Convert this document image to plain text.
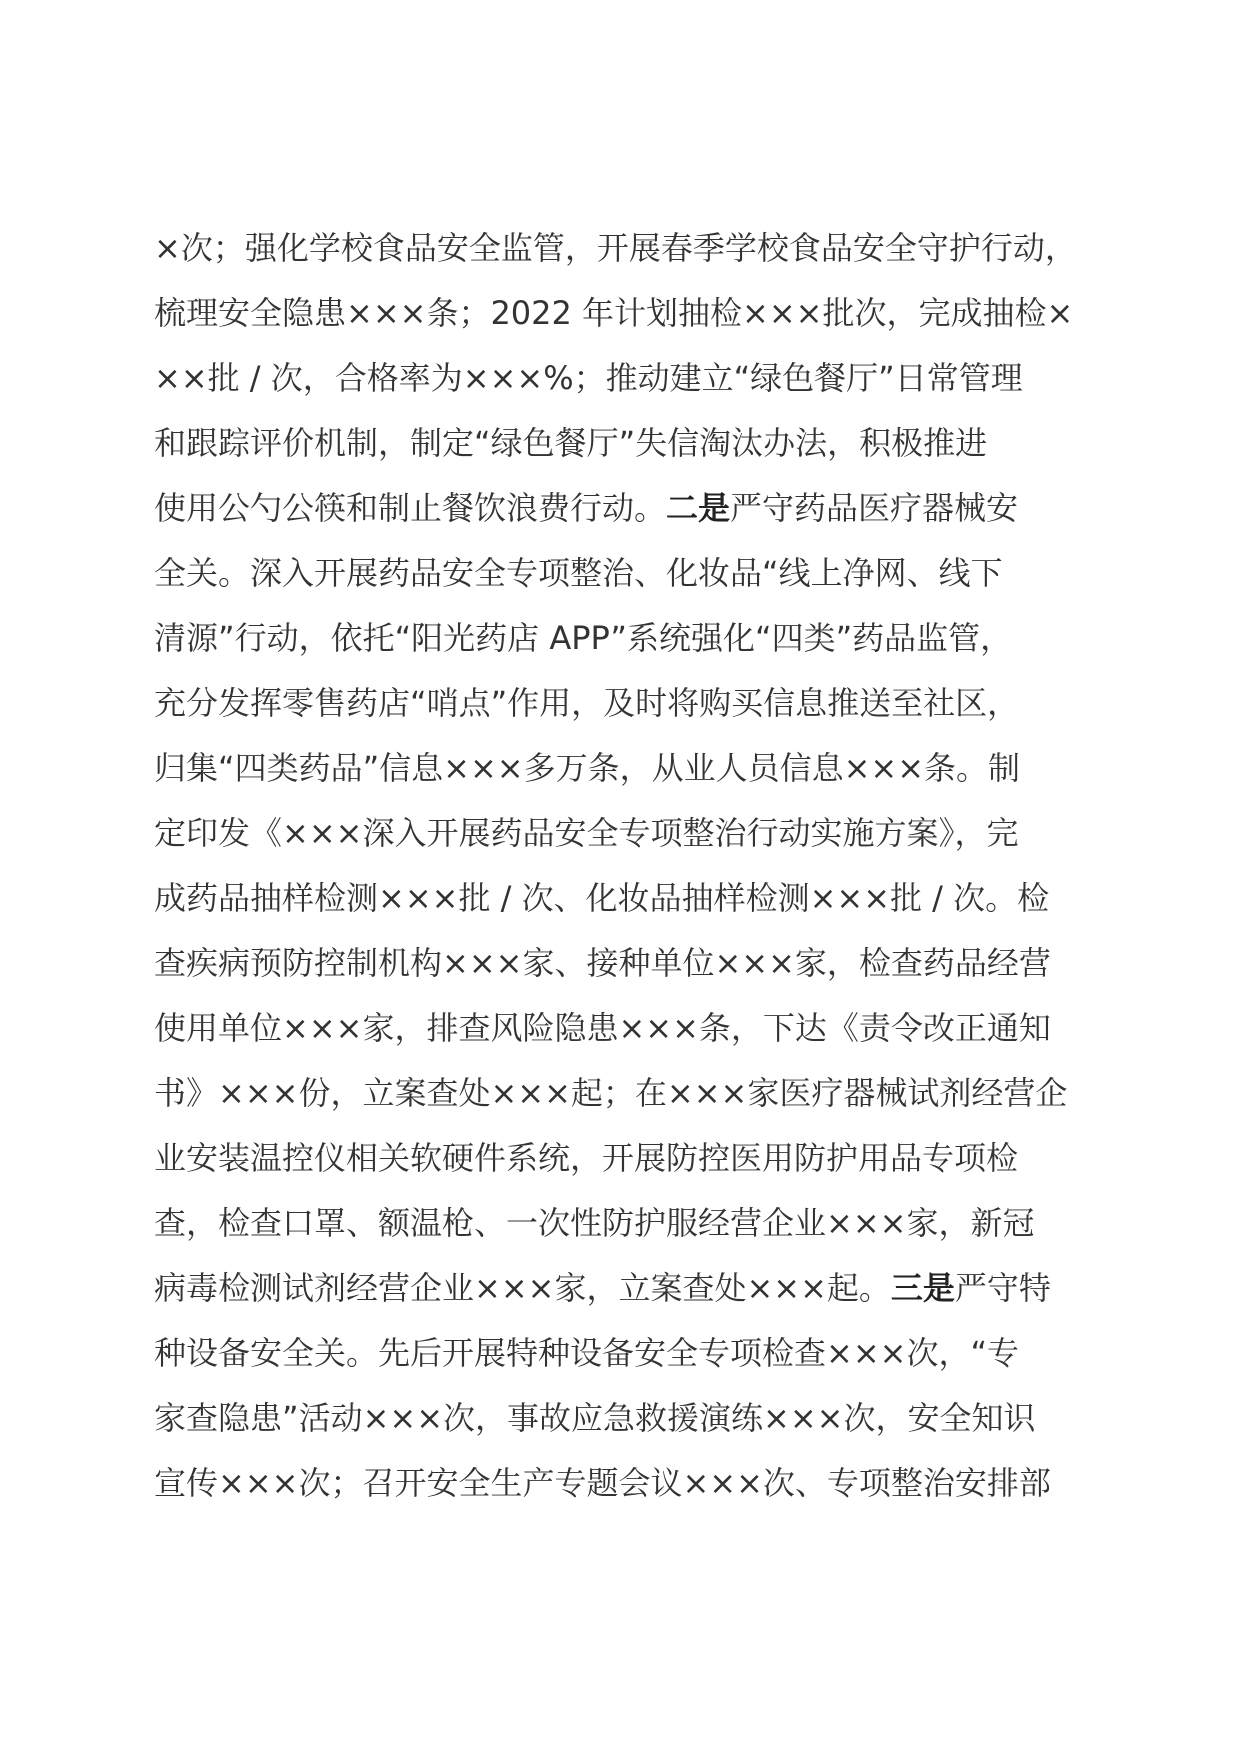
×次；强化学校食品安全监管，开展春季学校食品安全守护行动，
梳理安全隐患×××条；2022 年计划抽检×××批次，完成抽检×
××批 / 次，合格率为×××%；推动建立“绿色餐厅”日常管理
和跟踪评价机制，制定“绿色餐厅”失信淘汰办法，积极推进
使用公勺公筷和制止餐饮浪费行动。二是严守药品医疗器械安
全关。深入开展药品安全专项整治、化妆品“线上净网、线下
清源”行动，依托“阳光药店 APP”系统强化“四类”药品监管，
充分发挥零售药店“哨点”作用，及时将购买信息推送至社区，
归集“四类药品”信息×××多万条，从业人员信息×××条。制
定印发《×××深入开展药品安全专项整治行动实施方案》，完
成药品抽样检测×××批 / 次、化妆品抽样检测×××批 / 次。检
查疾病预防控制机构×××家、接种单位×××家，检查药品经营
使用单位×××家，排查风险隐患×××条，下达《责令改正通知
书》×××份，立案查处×××起；在×××家医疗器械试剂经营企
业安装温控仪相关软硬件系统，开展防控医用防护用品专项检
查，检查口罩、额温枪、一次性防护服经营企业×××家，新冠
病毒检测试剂经营企业×××家，立案查处×××起。三是严守特
种设备安全关。先后开展特种设备安全专项检查×××次，“专
家查隐患”活动×××次，事故应急救援演练×××次，安全知识
宣传×××次；召开安全生产专题会议×××次、专项整治安排部
